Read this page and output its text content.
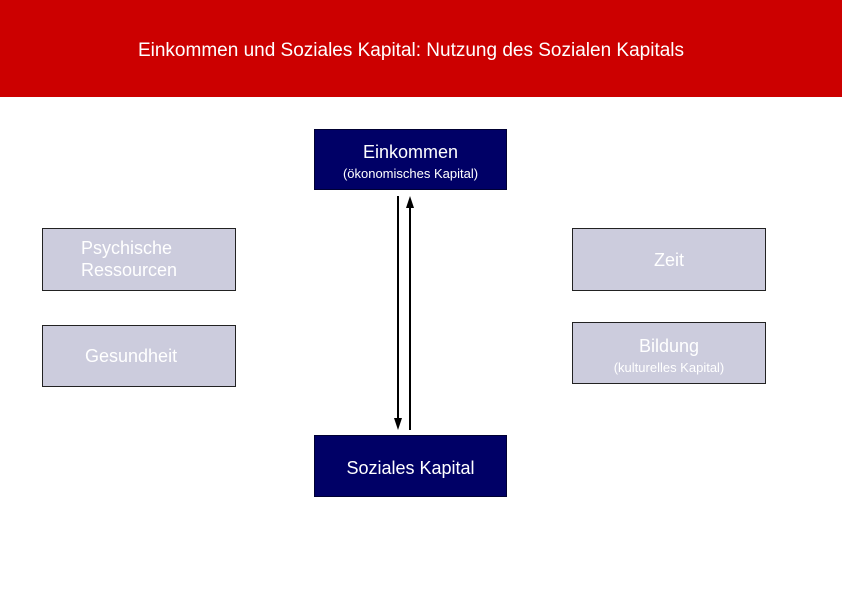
Einkommen und Soziales Kapital: Nutzung des Sozialen Kapitals
Einkommen
(ökonomisches Kapital)
Psychische Ressourcen
Gesundheit
Zeit
Bildung
(kulturelles Kapital)
Soziales Kapital
